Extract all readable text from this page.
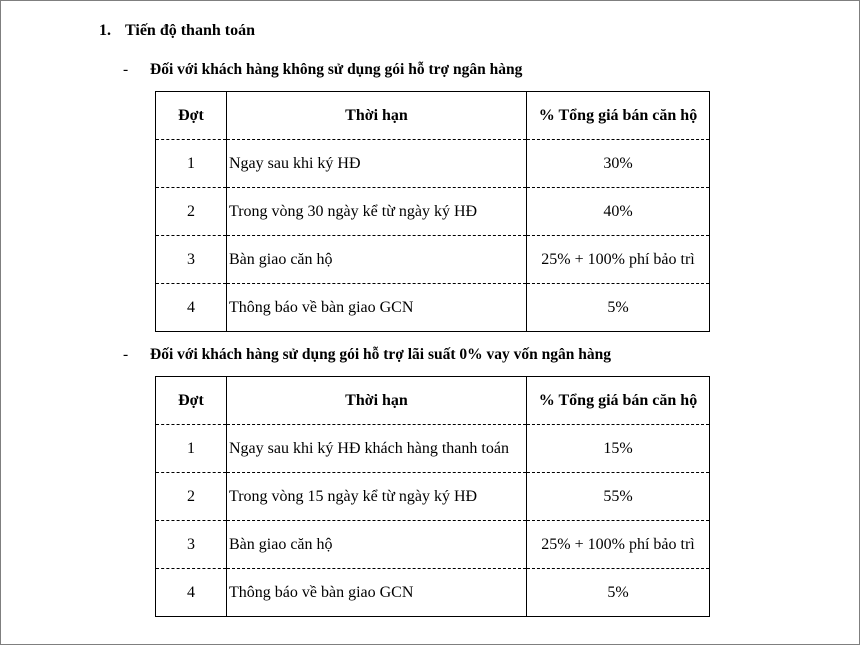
1. Tiến độ thanh toán
- Đối với khách hàng không sử dụng gói hỗ trợ ngân hàng
Đợt	Thời hạn	% Tổng giá bán căn hộ
1	Ngay sau khi ký HĐ	30%
2	Trong vòng 30 ngày kể từ ngày ký HĐ	40%
3	Bàn giao căn hộ	25% + 100% phí bảo trì
4	Thông báo về bàn giao GCN	5%
- Đối với khách hàng sử dụng gói hỗ trợ lãi suất 0% vay vốn ngân hàng
Đợt	Thời hạn	% Tổng giá bán căn hộ
1	Ngay sau khi ký HĐ khách hàng thanh toán	15%
2	Trong vòng 15 ngày kể từ ngày ký HĐ	55%
3	Bàn giao căn hộ	25% + 100% phí bảo trì
4	Thông báo về bàn giao GCN	5%
